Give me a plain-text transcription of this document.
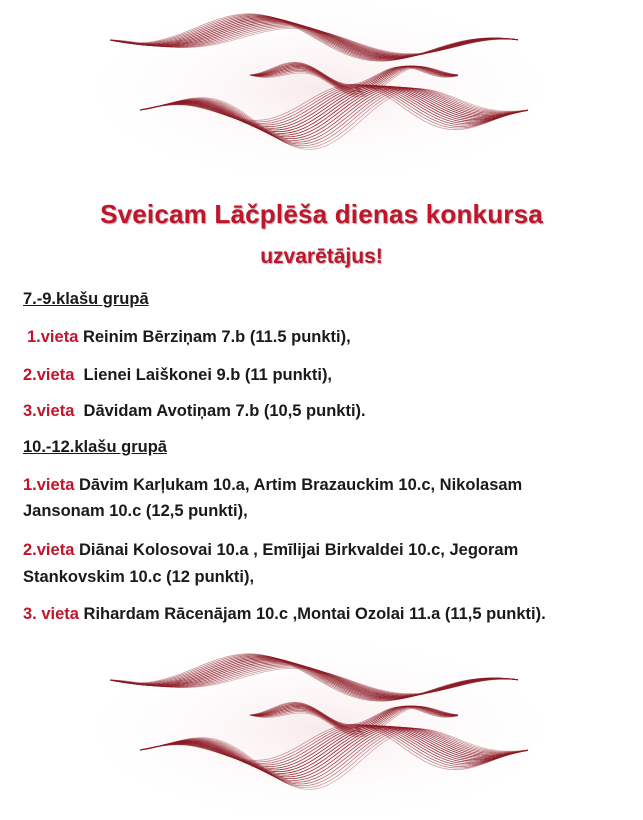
Sveicam Lāčplēša dienas konkursa
uzvarētājus!
7.-9.klašu grupā
1.vieta Reinim Bērziņam 7.b (11.5 punkti),
2.vieta  Lienei Laiškonei 9.b (11 punkti),
3.vieta  Dāvidam Avotiņam 7.b (10,5 punkti).
10.-12.klašu grupā
1.vieta Dāvim Karļukam 10.a, Artim Brazauckim 10.c, Nikolasam
Jansonam 10.c (12,5 punkti),
2.vieta Diānai Kolosovai 10.a , Emīlijai Birkvaldei 10.c, Jegoram
Stankovskim 10.c (12 punkti),
3. vieta Rihardam Rācenājam 10.c ,Montai Ozolai 11.a (11,5 punkti).
